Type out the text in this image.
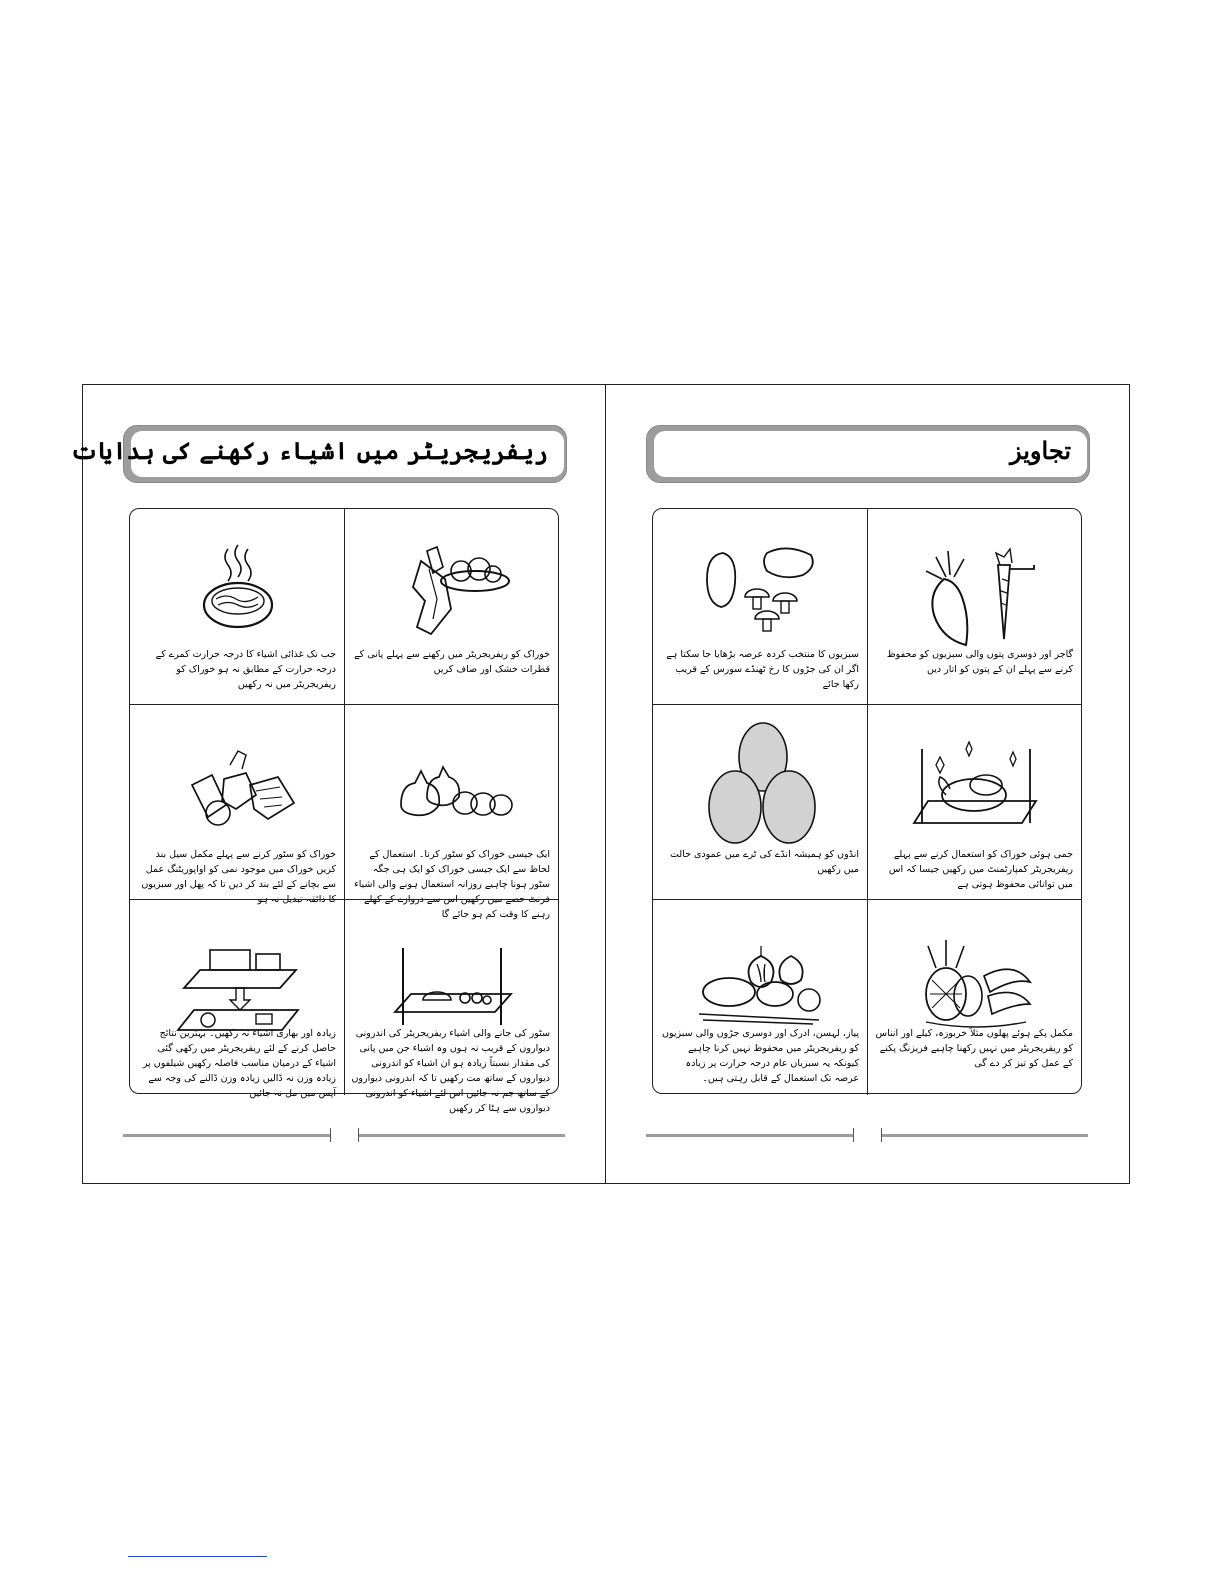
ریفریجریٹر میں اشیاء رکھنے کی ہدایات
خوراک کو ریفریجریٹر میں رکھنے سے پہلے پانی کے قطرات خشک اور صاف کریں
جب تک غذائی اشیاء کا درجہ حرارت کمرے کے درجہ حرارت کے مطابق نہ ہو خوراک کو ریفریجریٹر میں نہ رکھیں
ایک جیسی خوراک کو سٹور کرنا۔ استعمال کے لحاظ سے ایک جیسی خوراک کو ایک ہی جگہ سٹور ہونا چاہیے روزانہ استعمال ہونے والی اشیاء فرنٹ حصے میں رکھیں اس سے دروازے کے کھلے رہنے کا وقت کم ہو جائے گا
خوراک کو سٹور کرنے سے پہلے مکمل سیل بند کریں خوراک میں موجود نمی کو اواپوریٹنگ عمل سے بچانے کے لئے بند کر دیں تا کہ پھل اور سبزیوں کا ذائقہ تبدیل نہ ہو
سٹور کی جانے والی اشیاء ریفریجریٹر کی اندرونی دیواروں کے قریب نہ ہوں وہ اشیاء جن میں پانی کی مقدار نسبتاً زیادہ ہو ان اشیاء کو اندرونی دیواروں کے ساتھ مت رکھیں تا کہ اندرونی دیواروں کے ساتھ جم نہ جائیں اس لئے اشیاء کو اندرونی دیواروں سے ہٹا کر رکھیں
زیادہ اور بھاری اشیاء نہ رکھیں۔ بہترین نتائج حاصل کرنے کے لئے ریفریجریٹر میں رکھی گئی اشیاء کے درمیان مناسب فاصلہ رکھیں شیلفوں پر زیادہ وزن نہ ڈالیں زیادہ وزن ڈالنے کی وجہ سے آپس میں مل نہ جائیں
تجاویز
گاجر اور دوسری پتوں والی سبزیوں کو محفوظ کرنے سے پہلے ان کے پتوں کو اتار دیں
سبزیوں کا منتخب کردہ عرصہ بڑھایا جا سکتا ہے اگر ان کی جڑوں کا رخ ٹھنڈے سورس کے قریب رکھا جائے
جمی ہوئی خوراک کو استعمال کرنے سے پہلے ریفریجریٹر کمپارٹمنٹ میں رکھیں جیسا کہ اس میں توانائی محفوظ ہوتی ہے
انڈوں کو ہمیشہ انڈے کی ٹرے میں عمودی حالت میں رکھیں
مکمل پکے ہوئے پھلوں مثلاً خربوزہ، کیلے اور انناس کو ریفریجریٹر میں نہیں رکھنا چاہیے فریزنگ پکنے کے عمل کو تیز کر دے گی
پیاز، لہسن، ادرک اور دوسری جڑوں والی سبزیوں کو ریفریجریٹر میں محفوظ نہیں کرنا چاہیے کیونکہ یہ سبزیاں عام درجہ حرارت پر زیادہ عرصہ تک استعمال کے قابل رہتی ہیں۔
